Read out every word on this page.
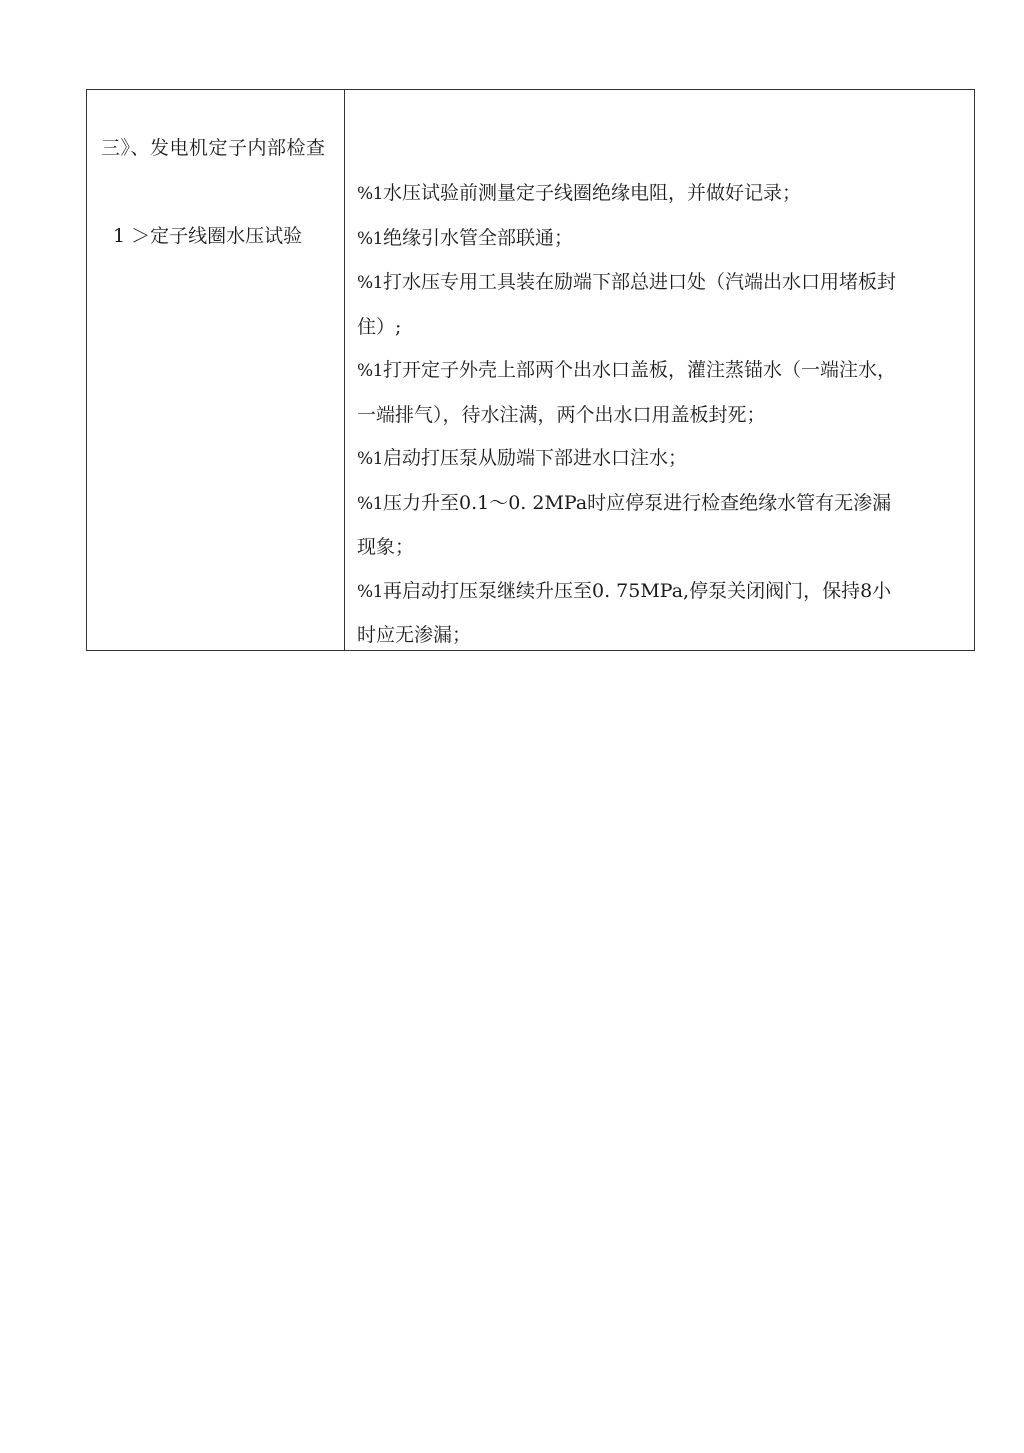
三》、发电机定子内部检查
1 ＞定子线圈水压试验
%1水压试验前测量定子线圈绝缘电阻，并做好记录；
%1绝缘引水管全部联通；
%1打水压专用工具装在励端下部总进口处（汽端出水口用堵板封
住）;
%1打开定子外壳上部两个出水口盖板，灌注蒸锚水（一端注水，
一端排气），待水注满，两个出水口用盖板封死；
%1启动打压泵从励端下部进水口注水；
%1压力升至0.1～0. 2MPa时应停泵进行检查绝缘水管有无渗漏
现象；
%1再启动打压泵继续升压至0. 75MPa,停泵关闭阀门，保持8小
时应无渗漏；
